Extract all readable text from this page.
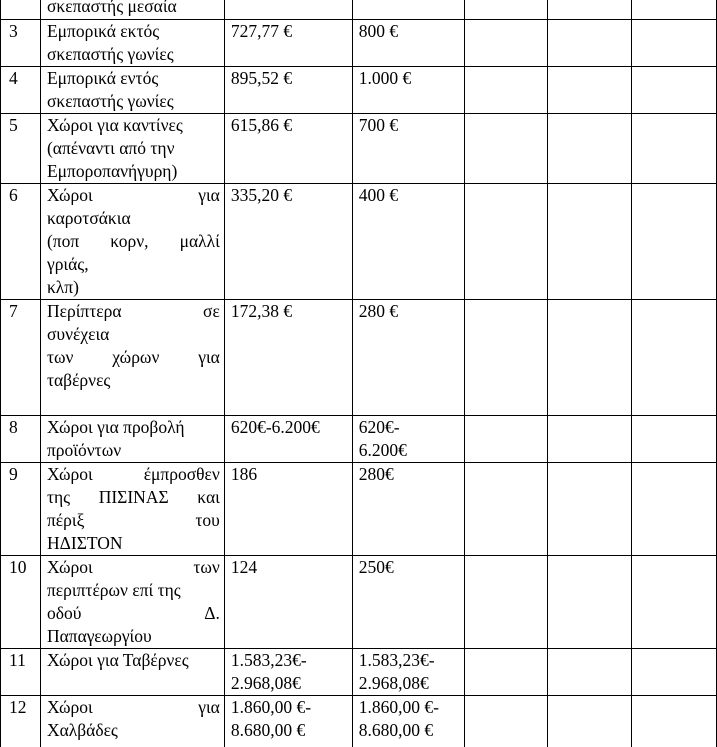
	σκεπαστής μεσαία					

3	Εμπορικά εκτός
σκεπαστής γωνίες	727,77 €	800 €			

4	Εμπορικά εντός
σκεπαστής γωνίες	895,52 €	1.000 €			

5	Χώροι για καντίνες
(απέναντι από την
Εμποροπανήγυρη)	615,86 €	700 €			

6	Χώροι για
καροτσάκια
(ποπ κορν, μαλλί
γριάς,
κλπ)	335,20 €	400 €			

7	Περίπτερα σε
συνέχεια
των χώρων για
ταβέρνες	172,38 €	280 €			

8	Χώροι για προβολή
προϊόντων	620€-6.200€	620€-
6.200€			

9	Χώροι έμπροσθεν
της ΠΙΣΙΝΑΣ και
πέριξ του
ΗΔΙΣΤΟΝ	186	280€			

10	Χώροι των
περιπτέρων επί της
οδού Δ.
Παπαγεωργίου	124	250€			

11	Χώροι για Ταβέρνες	1.583,23€-
2.968,08€	1.583,23€-
2.968,08€			

12	Χώροι για
Χαλβάδες	1.860,00 €-
8.680,00 €	1.860,00 €-
8.680,00 €			
